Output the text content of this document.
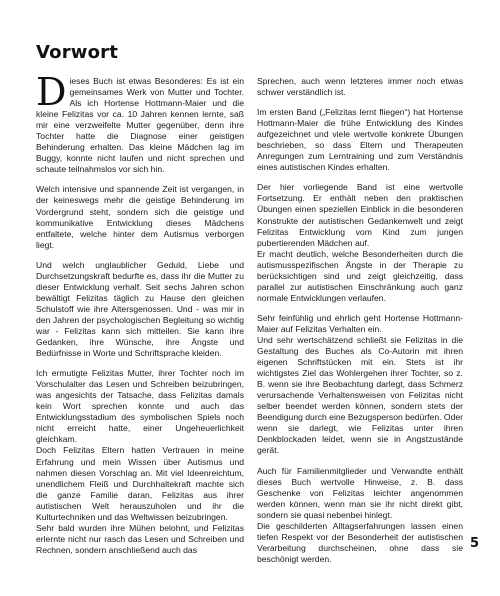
Vorwort

Dieses Buch ist etwas Besonderes: Es ist ein gemeinsames Werk von Mutter und Tochter. Als ich Hortense Hottmann-Maier und die kleine Felizitas vor ca. 10 Jahren kennen lernte, saß mir eine verzweifelte Mutter gegenüber, denn ihre Tochter hatte die Diagnose einer geistigen Behinderung erhalten. Das kleine Mädchen lag im Buggy, konnte nicht laufen und nicht sprechen und schaute teilnahmslos vor sich hin.

Welch intensive und spannende Zeit ist vergangen, in der keineswegs mehr die geistige Behinderung im Vordergrund steht, sondern sich die geistige und kommunikative Entwicklung dieses Mädchens entfaltete, welche hinter dem Autismus verborgen liegt.

Und welch unglaublicher Geduld, Liebe und Durchsetzungskraft bedurfte es, dass ihr die Mutter zu dieser Entwicklung verhalf. Seit sechs Jahren schon bewältigt Felizitas täglich zu Hause den gleichen Schulstoff wie ihre Altersgenossen. Und - was mir in den Jahren der psychologischen Begleitung so wichtig war - Felizitas kann sich mitteilen. Sie kann ihre Gedanken, ihre Wünsche, ihre Ängste und Bedürfnisse in Worte und Schriftsprache kleiden.

Ich ermutigte Felizitas Mutter, ihrer Tochter noch im Vorschulalter das Lesen und Schreiben beizubringen, was angesichts der Tatsache, dass Felizitas damals kein Wort sprechen konnte und auch das Entwicklungsstadium des symbolischen Spiels noch nicht erreicht hatte, einer Ungeheuerlichkeit gleichkam.

Doch Felizitas Eltern hatten Vertrauen in meine Erfahrung und mein Wissen über Autismus und nahmen diesen Vorschlag an. Mit viel Ideenreichtum, unendlichem Fleiß und Durchhaltekraft machte sich die ganze Familie daran, Felizitas aus ihrer autistischen Welt herauszuholen und ihr die Kulturtechniken und das Weltwissen beizubringen.

Sehr bald wurden ihre Mühen belohnt, und Felizitas erlernte nicht nur rasch das Lesen und Schreiben und Rechnen, sondern anschließend auch das

Sprechen, auch wenn letzteres immer noch etwas schwer verständlich ist.

Im ersten Band („Felizitas lernt fliegen“) hat Hortense Hottmann-Maier die frühe Entwicklung des Kindes aufgezeichnet und viele wertvolle konkrete Übungen beschrieben, so dass Eltern und Therapeuten Anregungen zum Lerntraining und zum Verständnis eines autistischen Kindes erhalten.

Der hier vorliegende Band ist eine wertvolle Fortsetzung. Er enthält neben den praktischen Übungen einen speziellen Einblick in die besonderen Konstrukte der autistischen Gedankenwelt und zeigt Felizitas Entwicklung vom Kind zum jungen pubertierenden Mädchen auf.

Er macht deutlich, welche Besonderheiten durch die autismusspezifischen Ängste in der Therapie zu berücksichtigen sind und zeigt gleichzeitig, dass parallel zur autistischen Einschränkung auch ganz normale Entwicklungen verlaufen.

Sehr feinfühlig und ehrlich geht Hortense Hottmann-Maier auf Felizitas Verhalten ein.

Und sehr wertschätzend schließt sie Felizitas in die Gestaltung des Buches als Co-Autorin mit ihren eigenen Schriftstücken mit ein. Stets ist ihr wichtigstes Ziel das Wohlergehen ihrer Tochter, so z. B. wenn sie ihre Beobachtung darlegt, dass Schmerz verursachende Verhaltensweisen von Felizitas nicht selber beendet werden können, sondern stets der Beendigung durch eine Bezugsperson bedürfen. Oder wenn sie darlegt, wie Felizitas unter ihren Denkblockaden leidet, wenn sie in Angstzustände gerät.

Auch für Familienmitglieder und Verwandte enthält dieses Buch wertvolle Hinweise, z. B. dass Geschenke von Felizitas leichter angenommen werden können, wenn man sie ihr nicht direkt gibt, sondern sie quasi nebenbei hinlegt.

Die geschilderten Alltagserfahrungen lassen einen tiefen Respekt vor der Besonderheit der autistischen Verarbeitung durchscheinen, ohne dass sie beschönigt werden.

5
